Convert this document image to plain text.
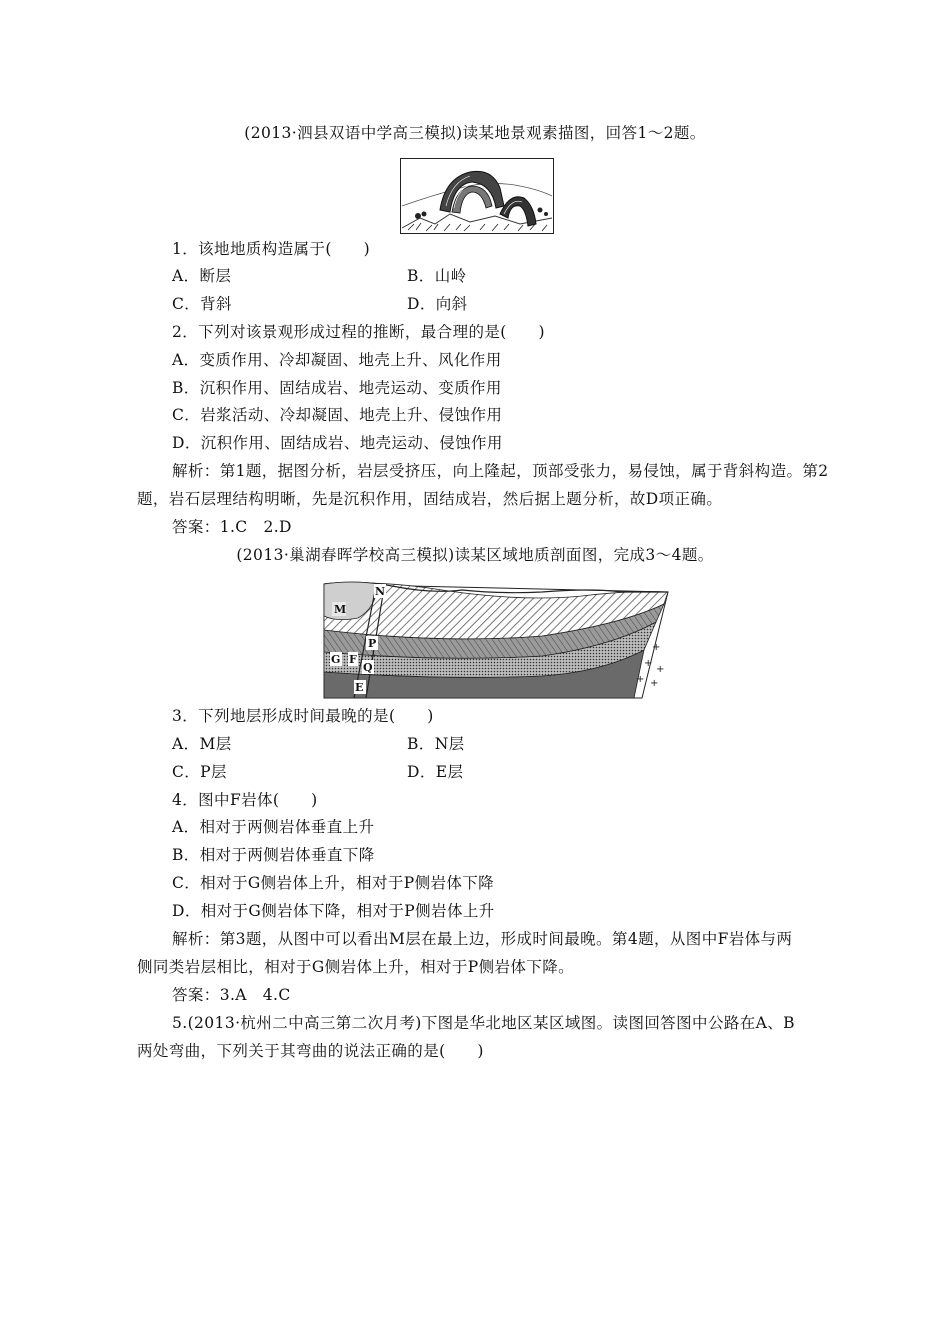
(2013·泗县双语中学高三模拟)读某地景观素描图，回答1～2题。
1．该地地质构造属于(　　)
A．断层	B．山岭
C．背斜	D．向斜
2．下列对该景观形成过程的推断，最合理的是(　　)
A．变质作用、冷却凝固、地壳上升、风化作用
B．沉积作用、固结成岩、地壳运动、变质作用
C．岩浆活动、冷却凝固、地壳上升、侵蚀作用
D．沉积作用、固结成岩、地壳运动、侵蚀作用
解析：第1题，据图分析，岩层受挤压，向上隆起，顶部受张力，易侵蚀，属于背斜构造。第2
题，岩石层理结构明晰，先是沉积作用，固结成岩，然后据上题分析，故D项正确。
答案：1.C　2.D
(2013·巢湖春晖学校高三模拟)读某区域地质剖面图，完成3～4题。
+
+
+
+ +
M
N
P
G F
Q
E
3．下列地层形成时间最晚的是(　　)
A．M层	B．N层
C．P层	D．E层
4．图中F岩体(　　)
A．相对于两侧岩体垂直上升
B．相对于两侧岩体垂直下降
C．相对于G侧岩体上升，相对于P侧岩体下降
D．相对于G侧岩体下降，相对于P侧岩体上升
解析：第3题，从图中可以看出M层在最上边，形成时间最晚。第4题，从图中F岩体与两
侧同类岩层相比，相对于G侧岩体上升，相对于P侧岩体下降。
答案：3.A　4.C
5.(2013·杭州二中高三第二次月考)下图是华北地区某区域图。读图回答图中公路在A、B
两处弯曲，下列关于其弯曲的说法正确的是(　　)
